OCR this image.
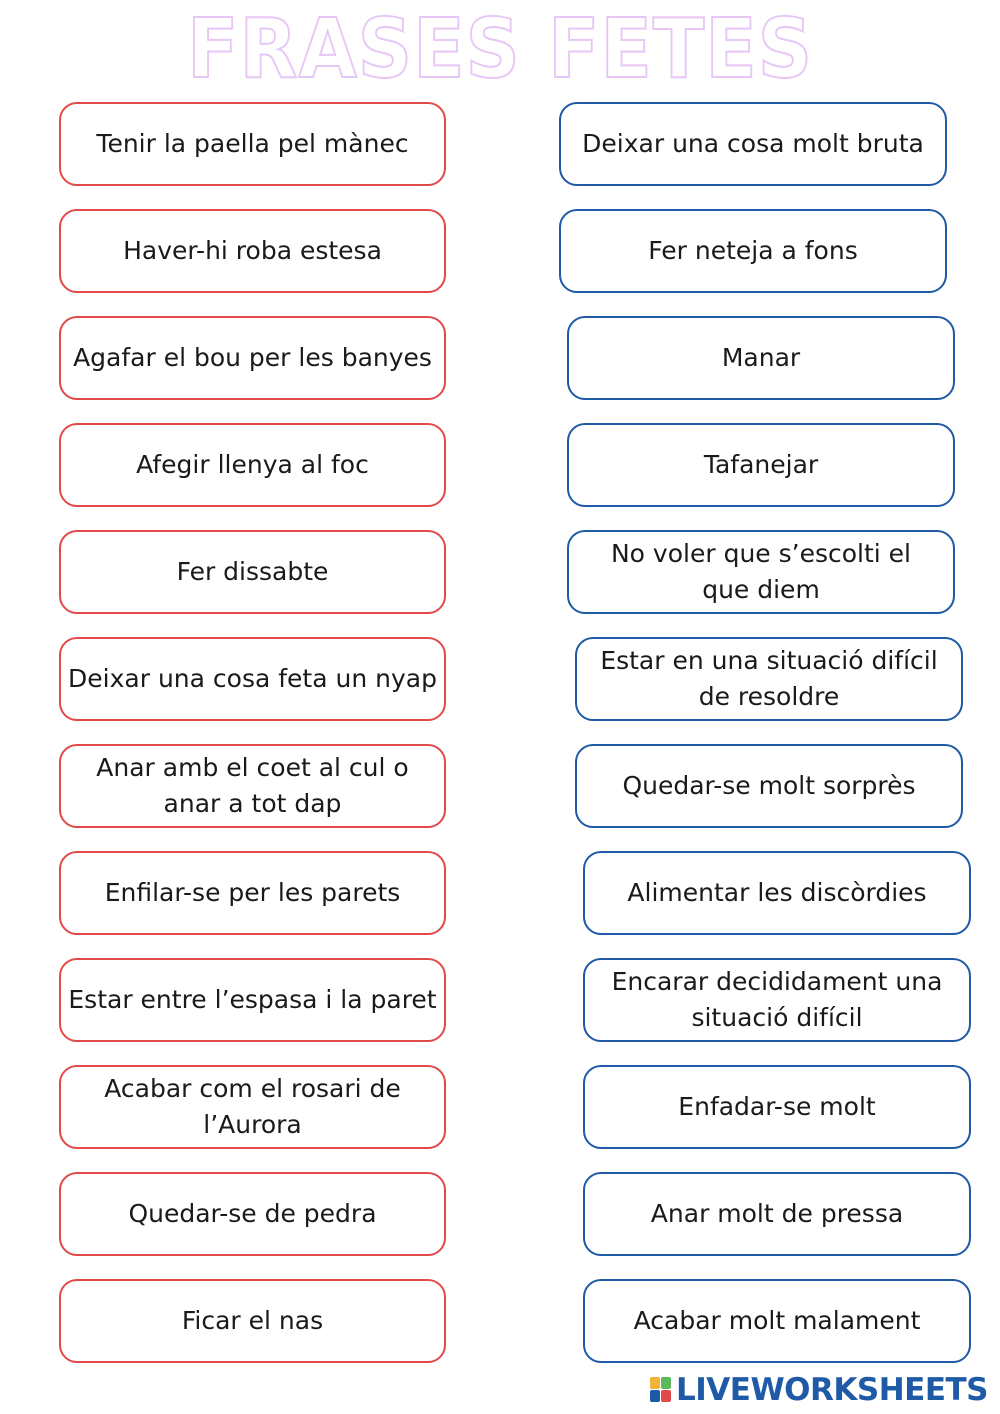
FRASES FETES
Tenir la paella pel mànec
Haver-hi roba estesa
Agafar el bou per les banyes
Afegir llenya al foc
Fer dissabte
Deixar una cosa feta un nyap
Anar amb el coet al cul o anar a tot dap
Enfilar-se per les parets
Estar entre l’espasa i la paret
Acabar com el rosari de l’Aurora
Quedar-se de pedra
Ficar el nas
Deixar una cosa molt bruta
Fer neteja a fons
Manar
Tafanejar
No voler que s’escolti el que diem
Estar en una situació difícil de resoldre
Quedar-se molt sorprès
Alimentar les discòrdies
Encarar decididament una situació difícil
Enfadar-se molt
Anar molt de pressa
Acabar molt malament
LIVEWORKSHEETS
